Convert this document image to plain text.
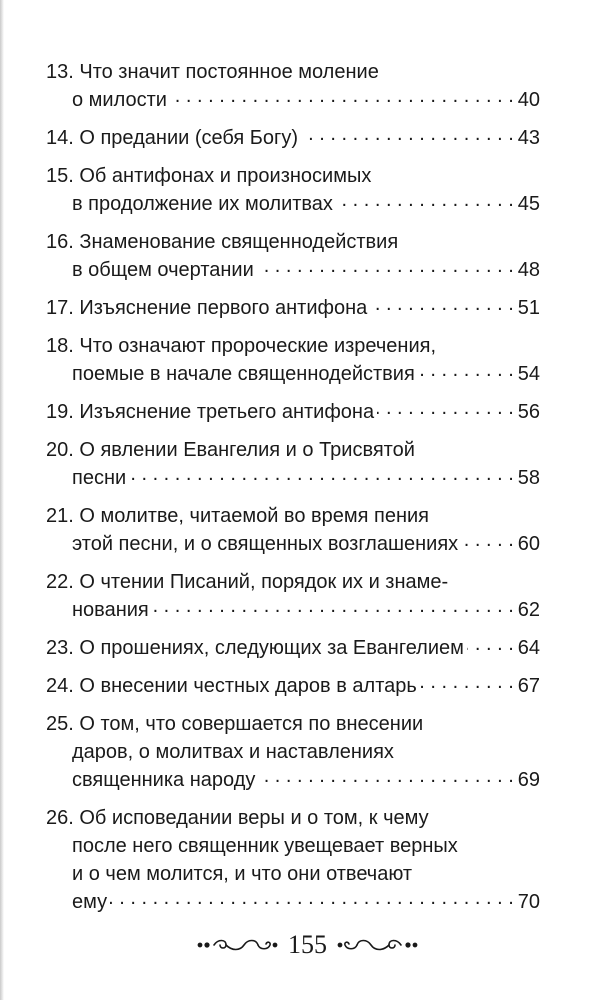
13. Что значит постоянное моление
о милости . . .	40
14. О предании (себя Богу) . . .	43
15. Об антифонах и произносимых
в продолжение их молитвах . . .	45
16. Знаменование священнодействия
в общем очертании . . .	48
17. Изъяснение первого антифона . . .	51
18. Что означают пророческие изречения,
поемые в начале священнодействия . . .	54
19. Изъяснение третьего антифона . . .	56
20. О явлении Евангелия и о Трисвятой
песни . . .	58
21. О молитве, читаемой во время пения
этой песни, и о священных возглашениях . . .	60
22. О чтении Писаний, порядок их и знаме-
нования . . .	62
23. О прошениях, следующих за Евангелием . . .	64
24. О внесении честных даров в алтарь . . .	67
25. О том, что совершается по внесении
даров, о молитвах и наставлениях
священника народу . . .	69
26. Об исповедании веры и о том, к чему
после него священник увещевает верных
и о чем молится, и что они отвечают
ему . . .	70
155
